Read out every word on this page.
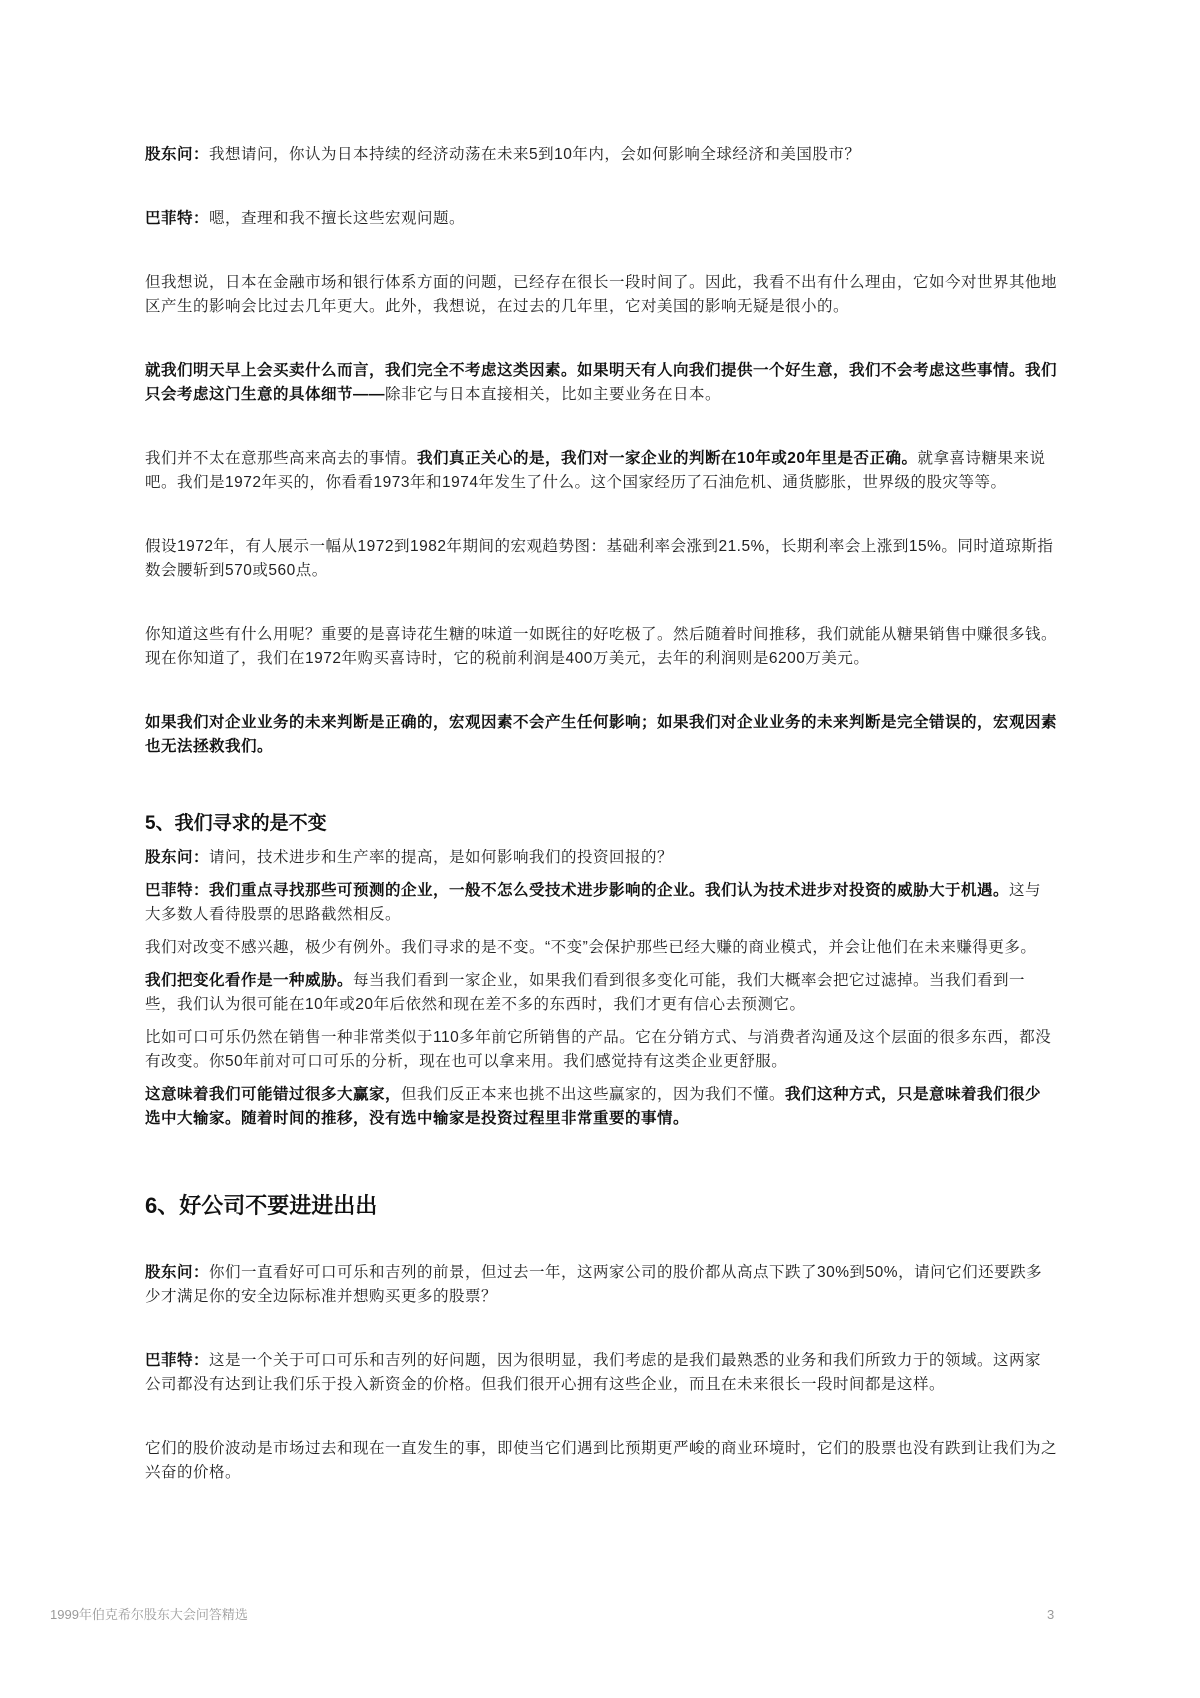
股东问：我想请问，你认为日本持续的经济动荡在未来5到10年内，会如何影响全球经济和美国股市？

巴菲特：嗯，查理和我不擅长这些宏观问题。

但我想说，日本在金融市场和银行体系方面的问题，已经存在很长一段时间了。因此，我看不出有什么理由，它如今对世界其他地区产生的影响会比过去几年更大。此外，我想说，在过去的几年里，它对美国的影响无疑是很小的。

就我们明天早上会买卖什么而言，我们完全不考虑这类因素。如果明天有人向我们提供一个好生意，我们不会考虑这些事情。我们只会考虑这门生意的具体细节——除非它与日本直接相关，比如主要业务在日本。

我们并不太在意那些高来高去的事情。我们真正关心的是，我们对一家企业的判断在10年或20年里是否正确。就拿喜诗糖果来说吧。我们是1972年买的，你看看1973年和1974年发生了什么。这个国家经历了石油危机、通货膨胀，世界级的股灾等等。

假设1972年，有人展示一幅从1972到1982年期间的宏观趋势图：基础利率会涨到21.5%，长期利率会上涨到15%。同时道琼斯指数会腰斩到570或560点。

你知道这些有什么用呢？重要的是喜诗花生糖的味道一如既往的好吃极了。然后随着时间推移，我们就能从糖果销售中赚很多钱。现在你知道了，我们在1972年购买喜诗时，它的税前利润是400万美元，去年的利润则是6200万美元。

如果我们对企业业务的未来判断是正确的，宏观因素不会产生任何影响；如果我们对企业业务的未来判断是完全错误的，宏观因素也无法拯救我们。

5、我们寻求的是不变

股东问：请问，技术进步和生产率的提高，是如何影响我们的投资回报的？

巴菲特：我们重点寻找那些可预测的企业，一般不怎么受技术进步影响的企业。我们认为技术进步对投资的威胁大于机遇。这与大多数人看待股票的思路截然相反。

我们对改变不感兴趣，极少有例外。我们寻求的是不变。“不变”会保护那些已经大赚的商业模式，并会让他们在未来赚得更多。

我们把变化看作是一种威胁。每当我们看到一家企业，如果我们看到很多变化可能，我们大概率会把它过滤掉。当我们看到一些，我们认为很可能在10年或20年后依然和现在差不多的东西时，我们才更有信心去预测它。

比如可口可乐仍然在销售一种非常类似于110多年前它所销售的产品。它在分销方式、与消费者沟通及这个层面的很多东西，都没有改变。你50年前对可口可乐的分析，现在也可以拿来用。我们感觉持有这类企业更舒服。

这意味着我们可能错过很多大赢家，但我们反正本来也挑不出这些赢家的，因为我们不懂。我们这种方式，只是意味着我们很少选中大输家。随着时间的推移，没有选中输家是投资过程里非常重要的事情。

6、好公司不要进进出出

股东问：你们一直看好可口可乐和吉列的前景，但过去一年，这两家公司的股价都从高点下跌了30%到50%，请问它们还要跌多少才满足你的安全边际标准并想购买更多的股票？

巴菲特：这是一个关于可口可乐和吉列的好问题，因为很明显，我们考虑的是我们最熟悉的业务和我们所致力于的领域。这两家公司都没有达到让我们乐于投入新资金的价格。但我们很开心拥有这些企业，而且在未来很长一段时间都是这样。

它们的股价波动是市场过去和现在一直发生的事，即使当它们遇到比预期更严峻的商业环境时，它们的股票也没有跌到让我们为之兴奋的价格。

1999年伯克希尔股东大会问答精选	3
